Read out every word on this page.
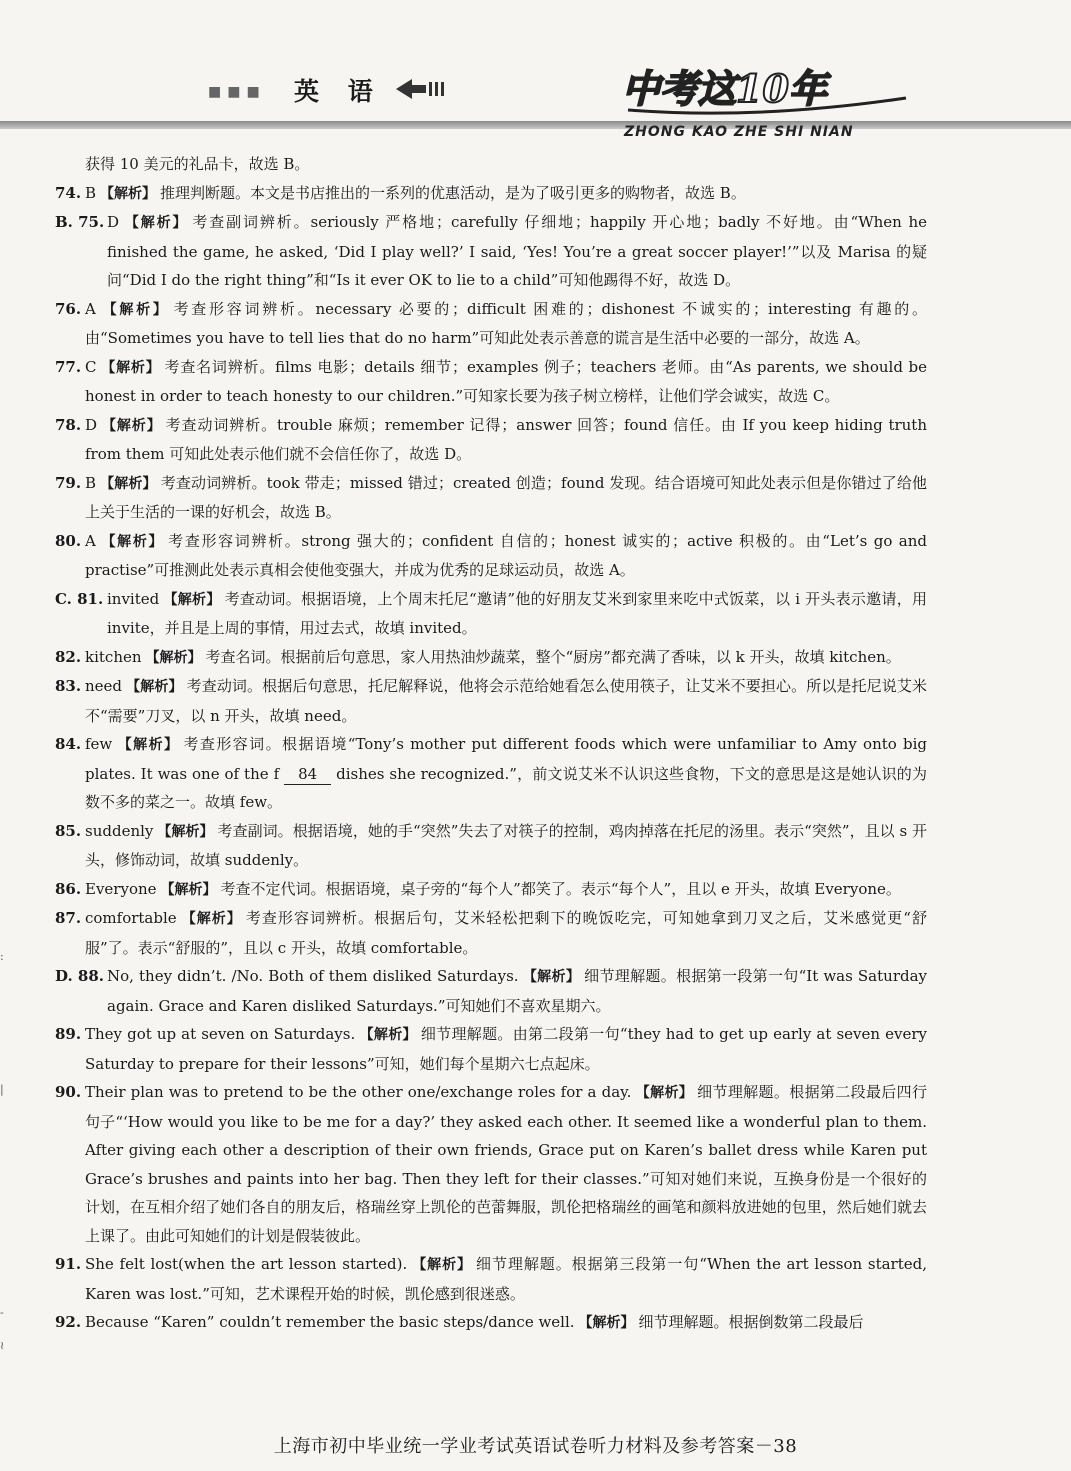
■■■ 英 语	中考这10年
ZHONG KAO ZHE SHI NIAN
:
|
-
≀
获得 10 美元的礼品卡，故选 B。
74. B 【解析】 推理判断题。本文是书店推出的一系列的优惠活动，是为了吸引更多的购物者，故选 B。
B. 75. D 【解析】 考查副词辨析。seriously 严格地；carefully 仔细地；happily 开心地；badly 不好地。由“When he finished the game, he asked, ‘Did I play well?’ I said, ‘Yes! You’re a great soccer player!’”以及 Marisa 的疑问“Did I do the right thing”和“Is it ever OK to lie to a child”可知他踢得不好，故选 D。
76. A 【解析】 考查形容词辨析。necessary 必要的；difficult 困难的；dishonest 不诚实的；interesting 有趣的。由“Sometimes you have to tell lies that do no harm”可知此处表示善意的谎言是生活中必要的一部分，故选 A。
77. C 【解析】 考查名词辨析。films 电影；details 细节；examples 例子；teachers 老师。由“As parents, we should be honest in order to teach honesty to our children.”可知家长要为孩子树立榜样，让他们学会诚实，故选 C。
78. D 【解析】 考查动词辨析。trouble 麻烦；remember 记得；answer 回答；found 信任。由 If you keep hiding truth from them 可知此处表示他们就不会信任你了，故选 D。
79. B 【解析】 考查动词辨析。took 带走；missed 错过；created 创造；found 发现。结合语境可知此处表示但是你错过了给他上关于生活的一课的好机会，故选 B。
80. A 【解析】 考查形容词辨析。strong 强大的；confident 自信的；honest 诚实的；active 积极的。由“Let’s go and practise”可推测此处表示真相会使他变强大，并成为优秀的足球运动员，故选 A。
C. 81. invited 【解析】 考查动词。根据语境，上个周末托尼“邀请”他的好朋友艾米到家里来吃中式饭菜，以 i 开头表示邀请，用 invite，并且是上周的事情，用过去式，故填 invited。
82. kitchen 【解析】 考查名词。根据前后句意思，家人用热油炒蔬菜，整个“厨房”都充满了香味，以 k 开头，故填 kitchen。
83. need 【解析】 考查动词。根据后句意思，托尼解释说，他将会示范给她看怎么使用筷子，让艾米不要担心。所以是托尼说艾米不“需要”刀叉，以 n 开头，故填 need。
84. few 【解析】 考查形容词。根据语境“Tony’s mother put different foods which were unfamiliar to Amy onto big plates. It was one of the f 84 dishes she recognized.”，前文说艾米不认识这些食物，下文的意思是这是她认识的为数不多的菜之一。故填 few。
85. suddenly 【解析】 考查副词。根据语境，她的手“突然”失去了对筷子的控制，鸡肉掉落在托尼的汤里。表示“突然”，且以 s 开头，修饰动词，故填 suddenly。
86. Everyone 【解析】 考查不定代词。根据语境，桌子旁的“每个人”都笑了。表示“每个人”，且以 e 开头，故填 Everyone。
87. comfortable 【解析】 考查形容词辨析。根据后句，艾米轻松把剩下的晚饭吃完，可知她拿到刀叉之后，艾米感觉更“舒服”了。表示“舒服的”，且以 c 开头，故填 comfortable。
D. 88. No, they didn’t. /No. Both of them disliked Saturdays. 【解析】 细节理解题。根据第一段第一句“It was Saturday again. Grace and Karen disliked Saturdays.”可知她们不喜欢星期六。
89. They got up at seven on Saturdays. 【解析】 细节理解题。由第二段第一句“they had to get up early at seven every Saturday to prepare for their lessons”可知，她们每个星期六七点起床。
90. Their plan was to pretend to be the other one/exchange roles for a day. 【解析】 细节理解题。根据第二段最后四行句子“‘How would you like to be me for a day?’ they asked each other. It seemed like a wonderful plan to them. After giving each other a description of their own friends, Grace put on Karen’s ballet dress while Karen put Grace’s brushes and paints into her bag. Then they left for their classes.”可知对她们来说，互换身份是一个很好的计划，在互相介绍了她们各自的朋友后，格瑞丝穿上凯伦的芭蕾舞服，凯伦把格瑞丝的画笔和颜料放进她的包里，然后她们就去上课了。由此可知她们的计划是假装彼此。
91. She felt lost(when the art lesson started). 【解析】 细节理解题。根据第三段第一句“When the art lesson started, Karen was lost.”可知，艺术课程开始的时候，凯伦感到很迷惑。
92. Because “Karen” couldn’t remember the basic steps/dance well. 【解析】 细节理解题。根据倒数第二段最后
上海市初中毕业统一学业考试英语试卷听力材料及参考答案－38
